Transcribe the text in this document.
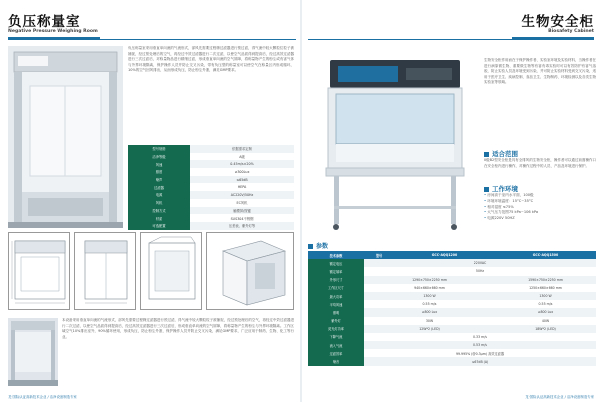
负压称量室
Negative Pressure Weighing Room
负压称量室采用垂直单向流的气流形式，部风先需要过程筛过滤器进行预过滤，得气流中较大颗粒位粒子被捕捉，经过预处理后的空气，再经过中效过滤器进行二次过滤，以使空气品质得到提高后，经过高效过滤器进行三次过滤后，对称量物品进行精细过滤，形成垂直单向流的空气屏障，将称量物产生的粉尘或有害气体与外界环境隔离，保护操作人员并防止交叉污染，带有负压型的称量室可以使空气在称量区内形成循环，10%的空气回风排出，从而形成负压，防止粉尘外泄，满足GMP要求。
型号规格	依据需求定制
洁净等级	A级
风速	0.45m/s±20%
照度	≥300Lux
噪声	≤65dB
过滤器	HEPA
电源	AC220V/50Hz
风机	EC风机
控制方式	触摸屏/按键
材质	SUS304不锈钢
可选配置	压差表、紫外灯等
本设备采用垂直单向流的气流形式，部风先需要过程筛过滤器进行预过滤，得气流中较大颗粒粒子被捕捉，经过预处理后的空气，再经过中效过滤器进行二次过滤，以使空气品质得到提高后，经过高效过滤器进行三次过滤后，形成垂直单向流的空气屏障，将称量物产生的粉尘与外界环境隔离。工作区域空气10%排出室外，90%循环使用，形成负压，防止粉尘外泄，保护操作人员并防止交叉污染，满足GMP要求，广泛应用于制药、生物、化工等行业。
龙·国际认证高新技术企业 / 洁净设备制造专家
生物安全柜
Biosafety Cabinet
生物安全柜作用而在于保护操作者、实验室环境及实验材料，当操作者在进行病原微生物、重要微生物等有害有毒实验时可以有效防护有害气溶胶，防止实验人员及环境受到污染，并可防止实验材料受到交叉污染，适用于医疗卫生、疾病控制、食品卫生、生物制药、环境检测以及各类生物实验室等领域。
适合范围
II级B2型安全柜是具有全排风的生物安全柜，操作者可以通过前窗操作口在安全柜内进行操作，对操作过程中的人员、产品及环境进行保护。
工作环境
• 房间高于室内水平面，100级
• 环境环境温度：15°C~35°C
• 相对湿度 ≤75%
• 大气压力范围75 kPa~106 kPa
• 电源220V 50HZ
参数
技术参数	型号	GCC-AQQ1200	GCC-AQQ1500
额定电压	220VAC		
额定频率	50Hz		
外形尺寸	1290×750×2250 mm		1590×750×2250 mm
工作区尺寸	940×660×660 mm		1250×660×660 mm
最大功率	1300 W		1300 W
平均风速	0.55 m/s		0.55 m/s
照明	≥800 Lux		≥800 Lux
紫外灯	30W		40W
荧光灯功率	12W*2 (LED)		18W*2 (LED)
下降气流	0.33 m/s		
流入气流	0.53 m/s		
过滤效率	99.995% (@0.3μm) 高效过滤器		
噪音	≤67dB (A)		
龙·国际认证高新技术企业 / 洁净设备制造专家
